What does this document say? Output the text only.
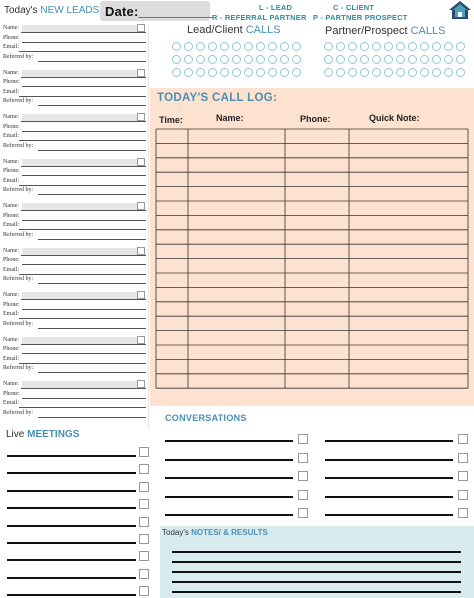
Today's NEW LEADS Date:__________	L - LEAD	C - CLIENT
R - REFERRAL PARTNER P - PARTNER PROSPECT
Name:
Phone:
Email:
Referred by:
Name:
Phone:
Email:
Referred by:
Name:
Phone:
Email:
Referred by:
Name:
Phone:
Email:
Referred by:
Name:
Phone:
Email:
Referred by:
Name:
Phone:
Email:
Referred by:
Name:
Phone:
Email:
Referred by:
Name:
Phone:
Email:
Referred by:
Name:
Phone:
Email:
Referred by:
Lead/Client CALLS	Partner/Prospect CALLS
TODAY'S CALL LOG:
Time:	Name:	Phone:	Quick Note:
CONVERSATIONS
Live MEETINGS
Today's NOTES/ & RESULTS
